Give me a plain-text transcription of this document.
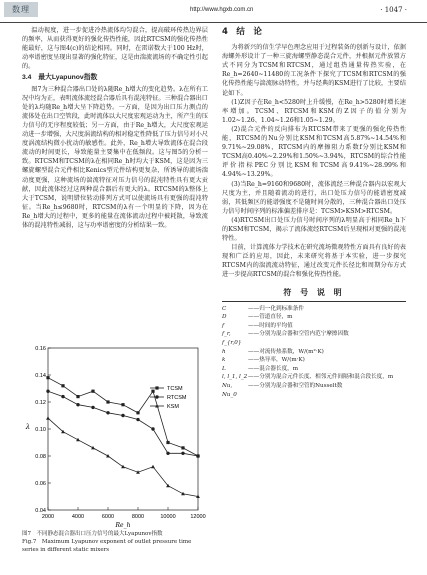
数理	http://www.hgxb.com.cn	· 1047 ·

温动视度，进一步促进冷热流体均匀混合，提高破环传热边界层的频率，从而获得更好的强化传热性能，因此RTCSM的强化传热性能最好，这与图4(c)的结论相同。同时，在雷诺数大于100 Hz时，动率谱密度呈现出显著的强化特征，这是由湍流流场的不确定性引起的。

3.4　最大Lyapunov指数

图7为三种混合器出口处的λ随Re_h增大的变化趋势。λ在所有工况中均为正，表明流体流经混合器后具有混沌特征。三种混合器出口处的λ均随Re_h增大呈下降趋势。一方面，是因为出口压力测点的流体处在出口空管段，此时流体以大尺度宏观运动为主，所产生的压力信号的无序程度较低；另一方面，由于Re_h增大，大尺度宏观运动进一步增强，大尺度涡流结构的相对稳定性降低了压力信号对小尺度涡流结构微小扰动的敏感性。此外，Re_h增大导致流体在混合段流动的时间更长，导致能量主要集中在低频段。这与图5的分析一致。RTCSM和TCSM的λ在相同Re_h时均大于KSM，这是因为三螺旋螺型混合元件相比Kenics型元件结构更复杂，所诱导的流场湍动度更强，这种流场的湍流特征对压力信号的混沌特性具有更大贡献，因此流体经过这两种混合器后有更大的λ。RTCSM的λ整体上大于TCSM，说明错位转动排列方式可以使流场具有更强的混沌特征。当Re_h≤9680时，RTCSM的λ有一个明显的下降，因为在Re_h增大的过程中，更多的能量在流体流动过程中被耗散，导致流体的混沌特性减弱，这与功率谱密度的分析结果一致。

0.04
0.06
0.08
0.10
0.12
0.14
0.16
2000	4000	6000	8000	10000	12000
Re_h
λ
TCSM
RTCSM
KSM
图7　不同静态混合器出口压力信号的最大Lyapunov指数
Fig.7　Maximum Lyapunov exponent of outlet pressure time series in different static mixers
4　结　论

为将新兴的信生学早色理念应用于过程装备的创新与设计，依据海螺外形设计了一种三旋海螺型静态混合元件，并根据元件放置方式不同分为TCSM和RTCSM，通过组热通量传热实验，在Re_h=2640~11480的工况条件下探究了TCSM和RTCSM的强化传热性能与湍流脉动特性，并与经典的KSM进行了比较，主要结论如下。

(1)Z因子在Re_h<5280时上升缓慢，在Re_h>5280时增长速率增加。TCSM、RTCSM和KSM的Z因子的值分别为1.02~1.26、1.04~1.26和1.05~1.29。

(2)混合元件的反向排布为RTCSM带来了更强的强化传热性能，RTCSM的Nu分别比KSM和TCSM高5.87%~14.54%和9.71%~29.08%，RTCSM内的摩擦阻力系数f分别比KSM和TCSM高0.40%~2.29%和1.50%~3.94%，RTCSM的综合性能评价指标PEC分别比KSM和TCSM高9.41%~28.99%和4.94%~13.29%。

(3)当Re_h=9160和9680时，流体流经三种混合器内以宏观大尺度为主，并且随着流动的进行，出口处压力信号的能谱密度减弱，其低频区的能谱强度不是随时间分散的，三种混合器出口处压力信号时间序列的标准偏差排序是：TCSM>KSM>RTCSM。

(4)RTCSM出口处压力信号时间序列的λ明显高于相同Re_h下的KSM和TCSM，揭示了流体流经RTCSM后呈现相对更强的混沌特性。

目前，计算流体力学技术在研究流场微观特性方面具有良好的表现和广泛的应用，因此，未来研究将基于本实验，进一步探究RTCSM内的湍流流动特征，通过改变元件长径比和周期分布方式进一步提高RTCSM的混合和强化传热性能。

符 号 说 明
C	——归一化到标准条件
D	——管道直径，m
f	——时间的平均值
f_r, f_{r,0}
——分别为混合器和空管内范宁摩擦因数
h	——对流传热系数，W/(m²·K)
k	——热导率，W/(m·K)
L	——混合器长度，m
l, l_1, l_2 ——分别为混合元件长度、相邻元件间隔和混合段长度，m
Nu, Nu_0
——分别为混合器和空管的Nusselt数
